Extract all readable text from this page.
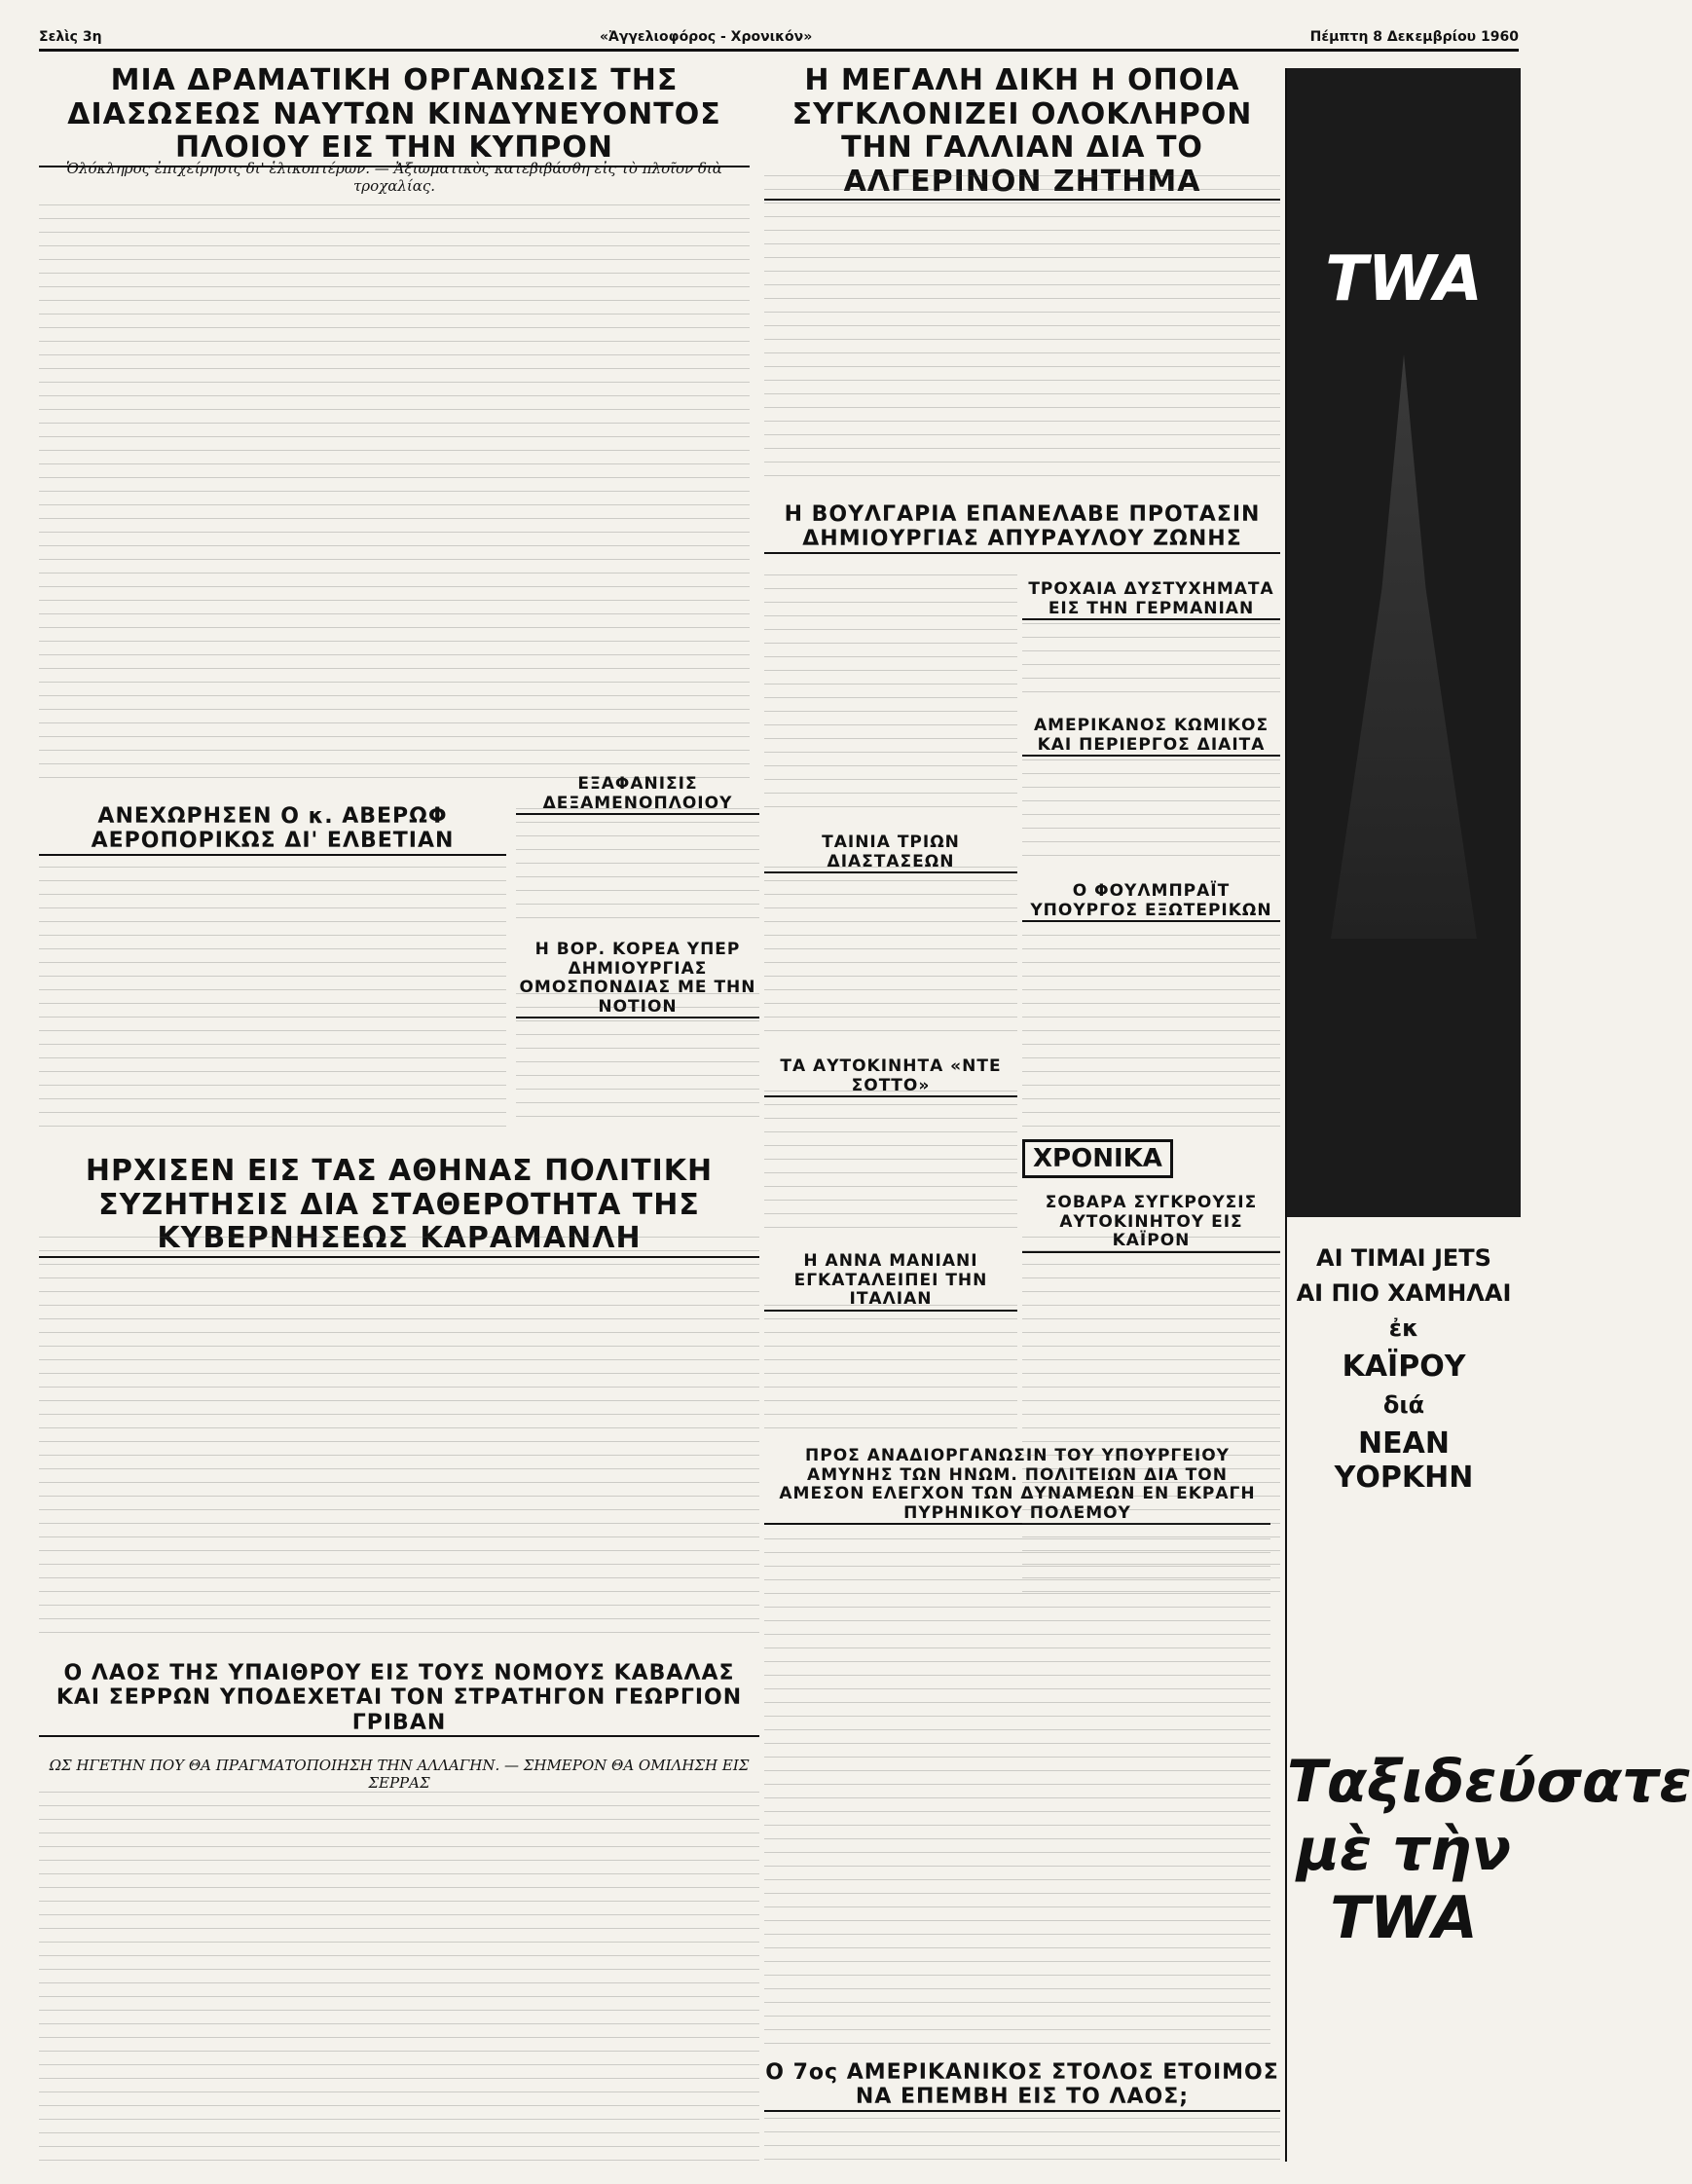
Σελὶς 3η	«Ἀγγελιοφόρος - Χρονικόν»	Πέμπτη 8 Δεκεμβρίου 1960
ΜΙΑ ΔΡΑΜΑΤΙΚΗ ΟΡΓΑΝΩΣΙΣ ΤΗΣ ΔΙΑΣΩΣΕΩΣ ΝΑΥΤΩΝ ΚΙΝΔΥΝΕΥΟΝΤΟΣ ΠΛΟΙΟΥ ΕΙΣ ΤΗΝ ΚΥΠΡΟΝ
Ὁλόκληρος ἐπιχείρησις δι' ἑλικοπτέρων. — Ἀξιωματικὸς κατεβιβάσθη εἰς τὸ πλοῖον διὰ τροχαλίας.
Η ΜΕΓΑΛΗ ΔΙΚΗ Η ΟΠΟΙΑ ΣΥΓΚΛΟΝΙΖΕΙ ΟΛΟΚΛΗΡΟΝ ΤΗΝ ΓΑΛΛΙΑΝ ΔΙΑ ΤΟ ΑΛΓΕΡΙΝΟΝ ΖΗΤΗΜΑ
Η ΒΟΥΛΓΑΡΙΑ ΕΠΑΝΕΛΑΒΕ ΠΡΟΤΑΣΙΝ ΔΗΜΙΟΥΡΓΙΑΣ ΑΠΥΡΑΥΛΟΥ ΖΩΝΗΣ
ΤΡΟΧΑΙΑ ΔΥΣΤΥΧΗΜΑΤΑ ΕΙΣ ΤΗΝ ΓΕΡΜΑΝΙΑΝ
ΑΜΕΡΙΚΑΝΟΣ ΚΩΜΙΚΟΣ ΚΑΙ ΠΕΡΙΕΡΓΟΣ ΔΙΑΙΤΑ
Ο ΦΟΥΛΜΠΡΑΪΤ ΥΠΟΥΡΓΟΣ ΕΞΩΤΕΡΙΚΩΝ
ΤΑΙΝΙΑ ΤΡΙΩΝ ΔΙΑΣΤΑΣΕΩΝ
ΤΑ ΑΥΤΟΚΙΝΗΤΑ «ΝΤΕ ΣΟΤΤΟ»
ΑΝΕΧΩΡΗΣΕΝ Ο κ. ΑΒΕΡΩΦ ΑΕΡΟΠΟΡΙΚΩΣ ΔΙ' ΕΛΒΕΤΙΑΝ
ΕΞΑΦΑΝΙΣΙΣ ΔΕΞΑΜΕΝΟΠΛΟΙΟΥ
Η ΒΟΡ. ΚΟΡΕΑ ΥΠΕΡ ΔΗΜΙΟΥΡΓΙΑΣ ΟΜΟΣΠΟΝΔΙΑΣ ΜΕ ΤΗΝ ΝΟΤΙΟΝ
ΗΡΧΙΣΕΝ ΕΙΣ ΤΑΣ ΑΘΗΝΑΣ ΠΟΛΙΤΙΚΗ ΣΥΖΗΤΗΣΙΣ ΔΙΑ ΣΤΑΘΕΡΟΤΗΤΑ ΤΗΣ ΚΥΒΕΡΝΗΣΕΩΣ ΚΑΡΑΜΑΝΛΗ
Η ΑΝΝΑ ΜΑΝΙΑΝΙ ΕΓΚΑΤΑΛΕΙΠΕΙ ΤΗΝ ΙΤΑΛΙΑΝ
ΠΡΟΣ ΑΝΑΔΙΟΡΓΑΝΩΣΙΝ ΤΟΥ ΥΠΟΥΡΓΕΙΟΥ ΑΜΥΝΗΣ ΤΩΝ ΗΝΩΜ. ΠΟΛΙΤΕΙΩΝ ΔΙΑ ΤΟΝ ΑΜΕΣΟΝ ΕΛΕΓΧΟΝ ΤΩΝ ΔΥΝΑΜΕΩΝ ΕΝ ΕΚΡΑΓΗ ΠΥΡΗΝΙΚΟΥ ΠΟΛΕΜΟΥ
Ο ΛΑΟΣ ΤΗΣ ΥΠΑΙΘΡΟΥ ΕΙΣ ΤΟΥΣ ΝΟΜΟΥΣ ΚΑΒΑΛΑΣ ΚΑΙ ΣΕΡΡΩΝ ΥΠΟΔΕΧΕΤΑΙ ΤΟΝ ΣΤΡΑΤΗΓΟΝ ΓΕΩΡΓΙΟΝ ΓΡΙΒΑΝ
ΩΣ ΗΓΕΤΗΝ ΠΟΥ ΘΑ ΠΡΑΓΜΑΤΟΠΟΙΗΣΗ ΤΗΝ ΑΛΛΑΓΗΝ. — ΣΗΜΕΡΟΝ ΘΑ ΟΜΙΛΗΣΗ ΕΙΣ ΣΕΡΡΑΣ
ΧΡΟΝΙΚΑ
ΣΟΒΑΡΑ ΣΥΓΚΡΟΥΣΙΣ ΑΥΤΟΚΙΝΗΤΟΥ ΕΙΣ ΚΑΪΡΟΝ
Ο 7ος ΑΜΕΡΙΚΑΝΙΚΟΣ ΣΤΟΛΟΣ ΕΤΟΙΜΟΣ ΝΑ ΕΠΕΜΒΗ ΕΙΣ ΤΟ ΛΑΟΣ;
TWA
ΑΙ ΤΙΜΑΙ JETS
ΑΙ ΠΙΟ ΧΑΜΗΛΑΙ
ἐκ
ΚΑΪΡΟΥ
διά
ΝΕΑΝ ΥΟΡΚΗΝ
Ταξιδεύσατε μὲ τὴν TWA
